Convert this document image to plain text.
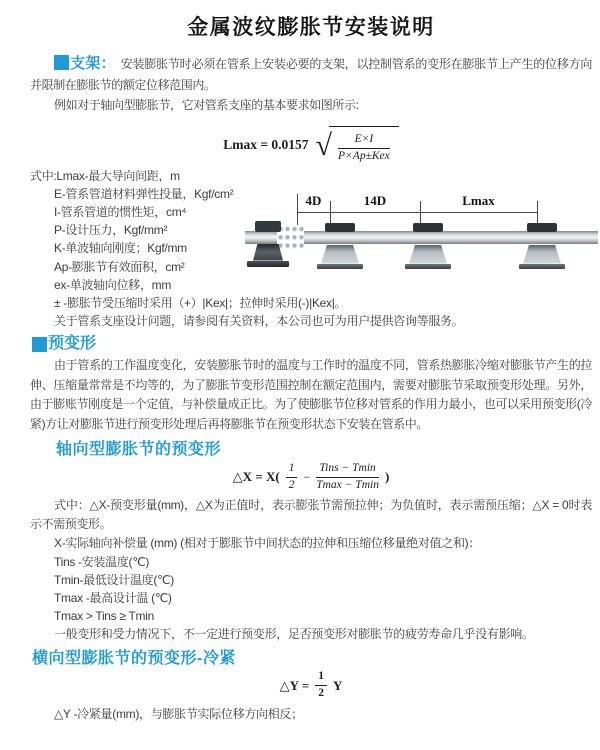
金属波纹膨胀节安装说明

支架： 安装膨胀节时必须在管系上安装必要的支架，以控制管系的变形在膨胀节上产生的位移方向并限制在膨胀节的额定位移范围内。

例如对于轴向型膨胀节，它对管系支座的基本要求如图所示:

Lmax = 0.0157 √ $\frac{E\times I}{\text{P×Ap±Kex}}$
式中:Lmax-最大导向间距，m
E-管系管道材料弹性投量，Kgf/cm²
I-管系管道的惯性矩，cm⁴
P-设计压力，Kgf/mm²
K-单波轴向刚度；Kgf/mm
Ap-膨胀节有效面积，cm²
ex-单波轴向位移，mm
± -膨胀节受压缩时采用（+）|Kex|；拉伸时采用(-)|Kex|。
关于管系支座设计问题，请参阅有关资料，本公司也可为用户提供咨询等服务。
4D	14D	Lmax
预变形

由于管系的工作温度变化，安装膨胀节时的温度与工作时的温度不同，管系热膨胀冷缩对膨胀节产生的拉伸、压缩量常常是不均等的，为了膨胀节变形范围控制在额定范围内，需要对膨胀节采取预变形处理。另外，由于膨账节刚度是一个定值，与补偿量成正比。为了使膨胀节位移对管系的作用力最小，也可以采用预变形(冷紧)方让对膨胀节进行预变形处理后再将膨胀节在预变形状态下安装在管系中。

轴向型膨胀节的预变形
△X = $X( \frac{1}{2} - \frac{\text{Tins − Tmin}}{Tmax - Tmin}$ )

式中：△X-预变形量(mm)，△X为正值时，表示膨张节需预拉伸；为负值时，表示需预压缩；△X = 0时表示不需预变形。

X-实际轴向补偿量 (mm) (相对于膨胀节中间状态的拉伸和压缩位移量绝对值之和)：
Tins -安装温度(℃)
Tmin-最低设计温度(℃)
Tmax -最高设计温 (℃)
Tmax > Tins ≥ Tmin
一般变形和受力情况下，不一定进行预变形，足否预变形对膨胀节的疲劳寿命几乎没有影响。
横向型膨胀节的预变形-冷紧
△Y = $\frac{1}{2}$ Y
△Y -冷紧量(mm)，与膨胀节实际位移方向相反；
